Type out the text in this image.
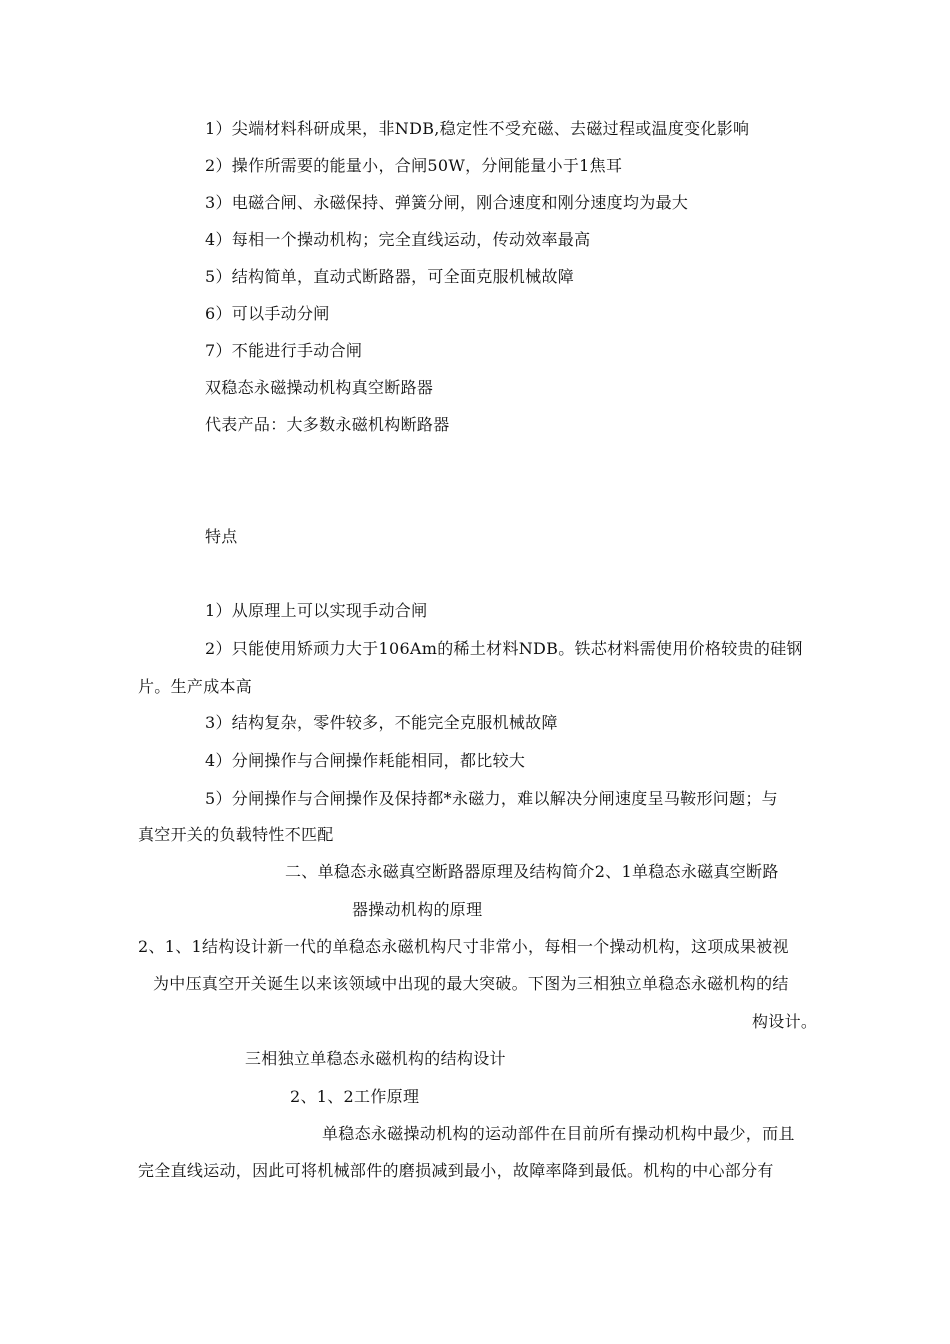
1）尖端材料科研成果，非NDB,稳定性不受充磁、去磁过程或温度变化影响
2）操作所需要的能量小，合闸50W，分闸能量小于1焦耳
3）电磁合闸、永磁保持、弹簧分闸，刚合速度和刚分速度均为最大
4）每相一个操动机构；完全直线运动，传动效率最高
5）结构简单，直动式断路器，可全面克服机械故障
6）可以手动分闸
7）不能进行手动合闸
双稳态永磁操动机构真空断路器
代表产品：大多数永磁机构断路器
特点
1）从原理上可以实现手动合闸
2）只能使用矫顽力大于106Am的稀土材料NDB。铁芯材料需使用价格较贵的硅钢
片。生产成本高
3）结构复杂，零件较多，不能完全克服机械故障
4）分闸操作与合闸操作耗能相同，都比较大
5）分闸操作与合闸操作及保持都*永磁力，难以解决分闸速度呈马鞍形问题；与
真空开关的负载特性不匹配
二、单稳态永磁真空断路器原理及结构简介2、1单稳态永磁真空断路
器操动机构的原理
2、1、1结构设计新一代的单稳态永磁机构尺寸非常小，每相一个操动机构，这项成果被视
为中压真空开关诞生以来该领域中出现的最大突破。下图为三相独立单稳态永磁机构的结
构设计。
三相独立单稳态永磁机构的结构设计
2、1、2工作原理
单稳态永磁操动机构的运动部件在目前所有操动机构中最少，而且
完全直线运动，因此可将机械部件的磨损减到最小，故障率降到最低。机构的中心部分有
